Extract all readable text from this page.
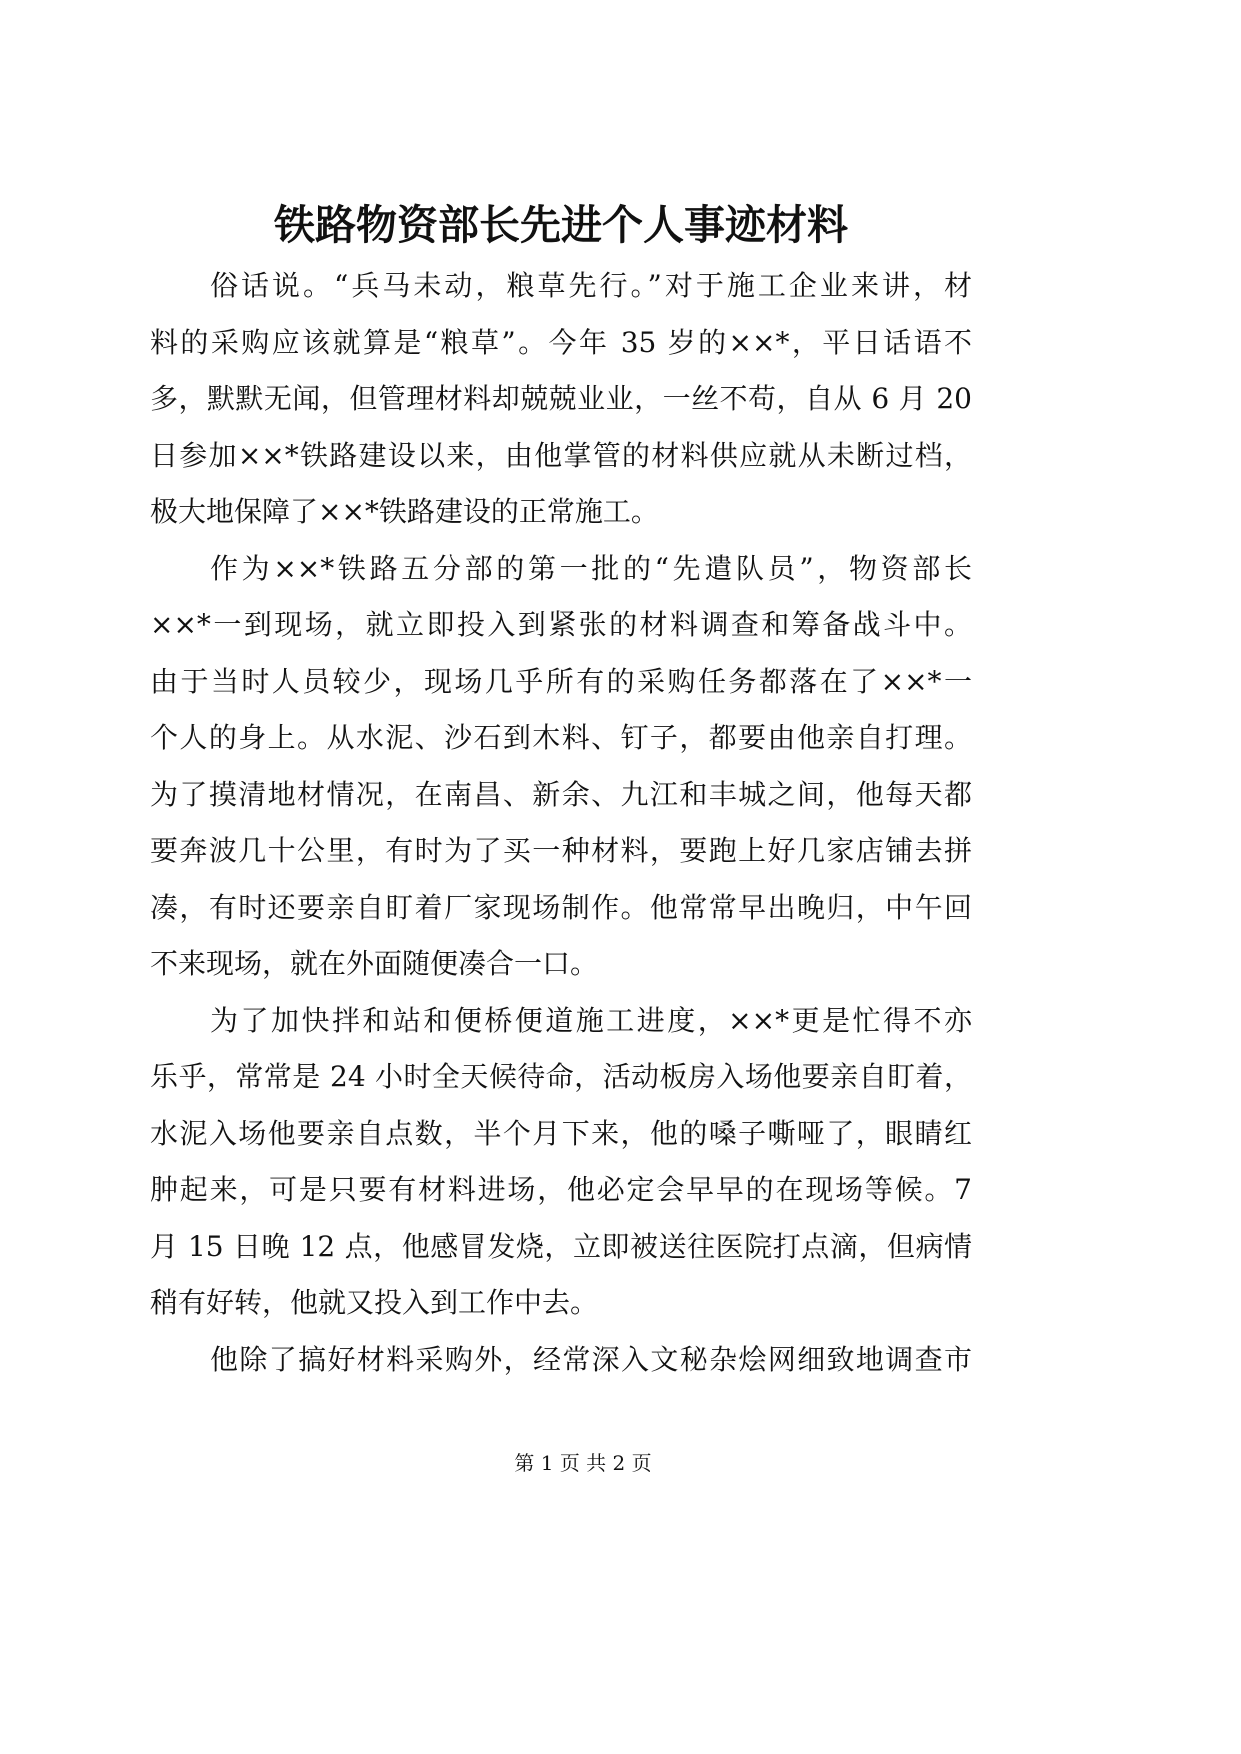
铁路物资部长先进个人事迹材料
俗话说。“兵马未动，粮草先行。”对于施工企业来讲，材
料的采购应该就算是“粮草”。今年 35 岁的××*，平日话语不
多，默默无闻，但管理材料却兢兢业业，一丝不苟，自从 6 月 20
日参加××*铁路建设以来，由他掌管的材料供应就从未断过档，
极大地保障了××*铁路建设的正常施工。
作为××*铁路五分部的第一批的“先遣队员”，物资部长
××*一到现场，就立即投入到紧张的材料调查和筹备战斗中。
由于当时人员较少，现场几乎所有的采购任务都落在了××*一
个人的身上。从水泥、沙石到木料、钉子，都要由他亲自打理。
为了摸清地材情况，在南昌、新余、九江和丰城之间，他每天都
要奔波几十公里，有时为了买一种材料，要跑上好几家店铺去拼
凑，有时还要亲自盯着厂家现场制作。他常常早出晚归，中午回
不来现场，就在外面随便凑合一口。
为了加快拌和站和便桥便道施工进度，××*更是忙得不亦
乐乎，常常是 24 小时全天候待命，活动板房入场他要亲自盯着，
水泥入场他要亲自点数，半个月下来，他的嗓子嘶哑了，眼睛红
肿起来，可是只要有材料进场，他必定会早早的在现场等候。7
月 15 日晚 12 点，他感冒发烧，立即被送往医院打点滴，但病情
稍有好转，他就又投入到工作中去。
他除了搞好材料采购外，经常深入文秘杂烩网细致地调查市
第 1 页 共 2 页
